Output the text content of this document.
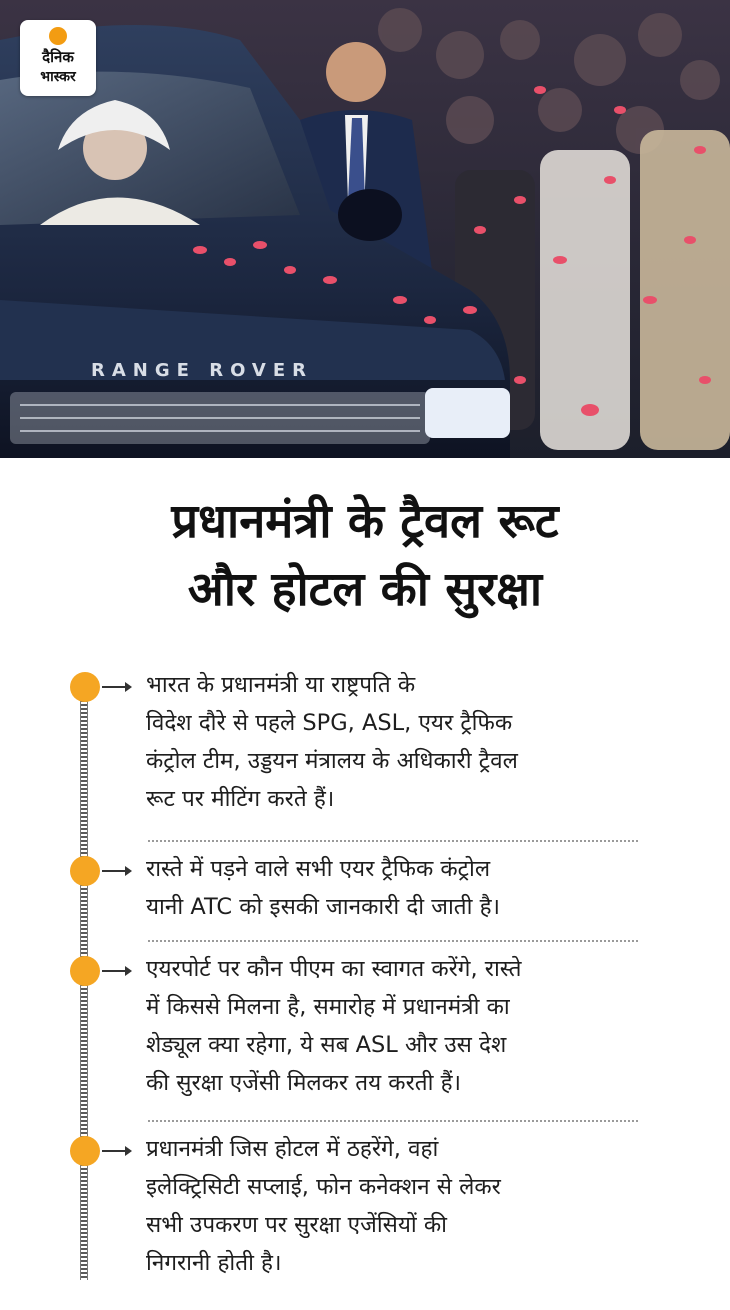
RANGE ROVER
दैनिक
भास्कर
प्रधानमंत्री के ट्रैवल रूट
और होटल की सुरक्षा
भारत के प्रधानमंत्री या राष्ट्रपति के
विदेश दौरे से पहले SPG, ASL, एयर ट्रैफिक
कंट्रोल टीम, उड्डयन मंत्रालय के अधिकारी ट्रैवल
रूट पर मीटिंग करते हैं।
रास्ते में पड़ने वाले सभी एयर ट्रैफिक कंट्रोल
यानी ATC को इसकी जानकारी दी जाती है।
एयरपोर्ट पर कौन पीएम का स्वागत करेंगे, रास्ते
में किससे मिलना है, समारोह में प्रधानमंत्री का
शेड्यूल क्या रहेगा, ये सब ASL और उस देश
की सुरक्षा एजेंसी मिलकर तय करती हैं।
प्रधानमंत्री जिस होटल में ठहरेंगे, वहां
इलेक्ट्रिसिटी सप्लाई, फोन कनेक्शन से लेकर
सभी उपकरण पर सुरक्षा एजेंसियों की
निगरानी होती है।
